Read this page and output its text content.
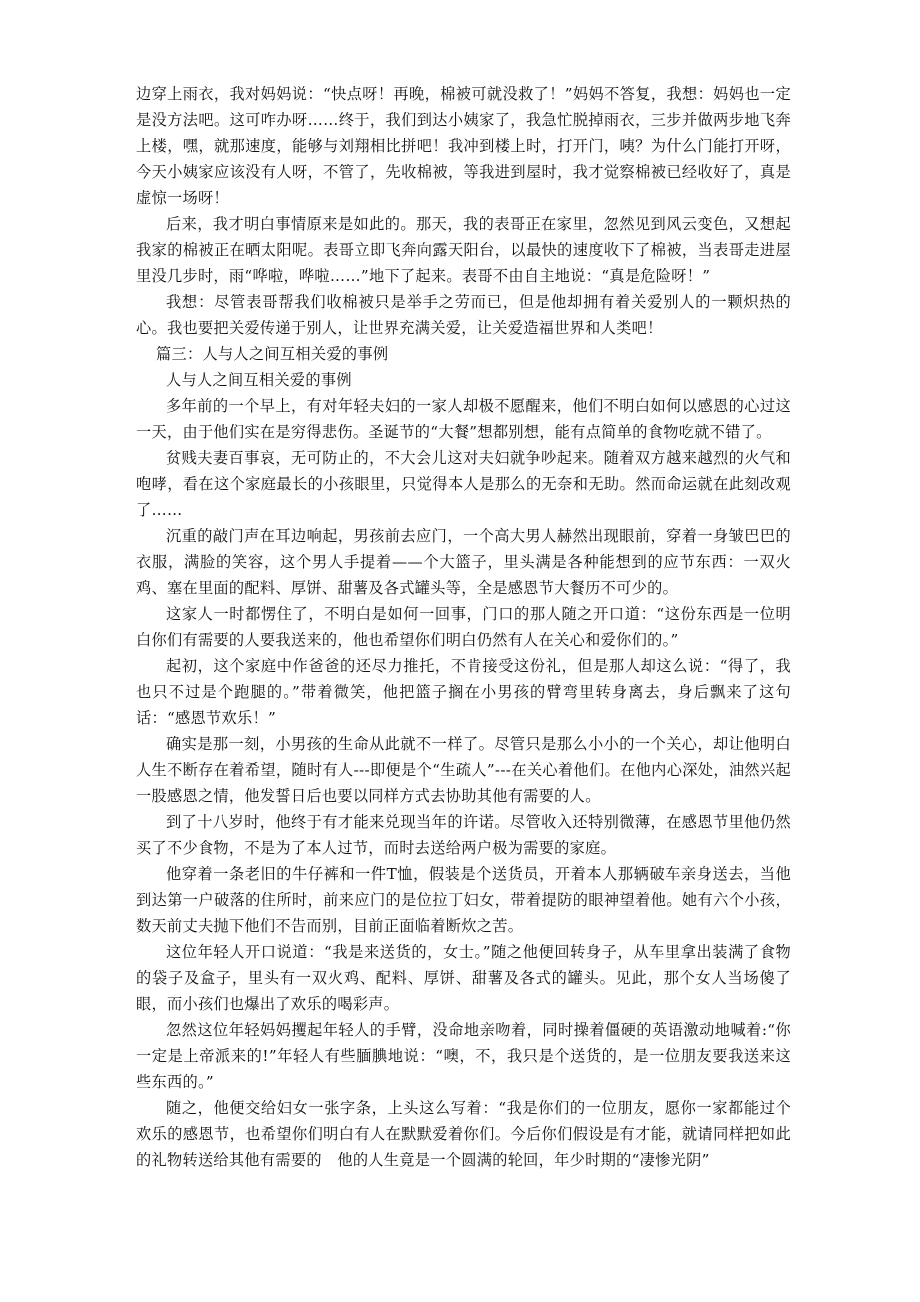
边穿上雨衣，我对妈妈说：“快点呀！再晚，棉被可就没救了！”妈妈不答复，我想：妈妈也一定是没方法吧。这可咋办呀……终于，我们到达小姨家了，我急忙脱掉雨衣，三步并做两步地飞奔上楼，嘿，就那速度，能够与刘翔相比拼吧！我冲到楼上时，打开门，咦？为什么门能打开呀，今天小姨家应该没有人呀，不管了，先收棉被，等我进到屋时，我才觉察棉被已经收好了，真是虚惊一场呀！

后来，我才明白事情原来是如此的。那天，我的表哥正在家里，忽然见到风云变色，又想起我家的棉被正在晒太阳呢。表哥立即飞奔向露天阳台，以最快的速度收下了棉被，当表哥走进屋里没几步时，雨“哗啦，哗啦……”地下了起来。表哥不由自主地说：“真是危险呀！”

我想：尽管表哥帮我们收棉被只是举手之劳而已，但是他却拥有着关爱别人的一颗炽热的心。我也要把关爱传递于别人，让世界充满关爱，让关爱造福世界和人类吧！

篇三：人与人之间互相关爱的事例

人与人之间互相关爱的事例

多年前的一个早上，有对年轻夫妇的一家人却极不愿醒来，他们不明白如何以感恩的心过这一天，由于他们实在是穷得悲伤。圣诞节的“大餐”想都别想，能有点简单的食物吃就不错了。

贫贱夫妻百事哀，无可防止的，不大会儿这对夫妇就争吵起来。随着双方越来越烈的火气和咆哮，看在这个家庭最长的小孩眼里，只觉得本人是那么的无奈和无助。然而命运就在此刻改观了……

沉重的敲门声在耳边响起，男孩前去应门，一个高大男人赫然出现眼前，穿着一身皱巴巴的衣服，满脸的笑容，这个男人手提着——个大篮子，里头满是各种能想到的应节东西：一双火鸡、塞在里面的配料、厚饼、甜薯及各式罐头等，全是感恩节大餐历不可少的。

这家人一时都愣住了，不明白是如何一回事，门口的那人随之开口道：“这份东西是一位明白你们有需要的人要我送来的，他也希望你们明白仍然有人在关心和爱你们的。”

起初，这个家庭中作爸爸的还尽力推托，不肯接受这份礼，但是那人却这么说：“得了，我也只不过是个跑腿的。”带着微笑，他把篮子搁在小男孩的臂弯里转身离去，身后飘来了这句话：“感恩节欢乐！”

确实是那一刻，小男孩的生命从此就不一样了。尽管只是那么小小的一个关心，却让他明白人生不断存在着希望，随时有人---即便是个“生疏人”---在关心着他们。在他内心深处，油然兴起一股感恩之情，他发誓日后也要以同样方式去协助其他有需要的人。

到了十八岁时，他终于有才能来兑现当年的许诺。尽管收入还特别微薄，在感恩节里他仍然买了不少食物，不是为了本人过节，而时去送给两户极为需要的家庭。

他穿着一条老旧的牛仔裤和一件T恤，假装是个送货员，开着本人那辆破车亲身送去，当他到达第一户破落的住所时，前来应门的是位拉丁妇女，带着提防的眼神望着他。她有六个小孩，数天前丈夫抛下他们不告而别，目前正面临着断炊之苦。

这位年轻人开口说道：“我是来送货的，女士。”随之他便回转身子，从车里拿出装满了食物的袋子及盒子，里头有一双火鸡、配料、厚饼、甜薯及各式的罐头。见此，那个女人当场傻了眼，而小孩们也爆出了欢乐的喝彩声。

忽然这位年轻妈妈攫起年轻人的手臂，没命地亲吻着，同时操着僵硬的英语激动地喊着:“你一定是上帝派来的!”年轻人有些腼腆地说：“噢，不，我只是个送货的，是一位朋友要我送来这些东西的。”

随之，他便交给妇女一张字条，上头这么写着：“我是你们的一位朋友，愿你一家都能过个欢乐的感恩节，也希望你们明白有人在默默爱着你们。今后你们假设是有才能，就请同样把如此的礼物转送给其他有需要的　他的人生竟是一个圆满的轮回，年少时期的“凄惨光阴”
